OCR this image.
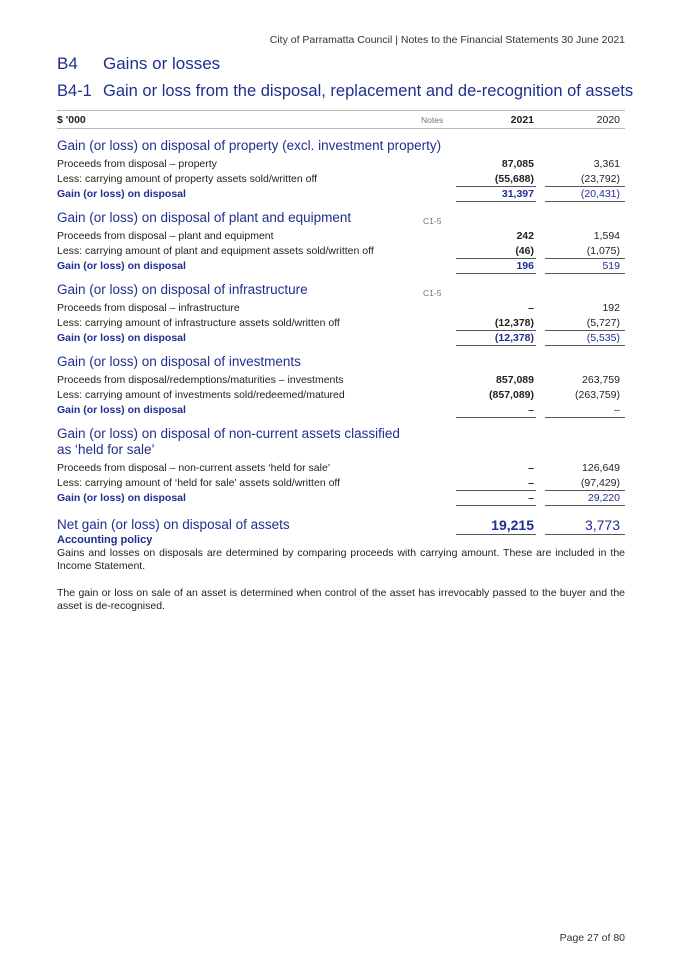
City of Parramatta Council | Notes to the Financial Statements 30 June 2021
B4 Gains or losses
B4-1 Gain or loss from the disposal, replacement and de-recognition of assets
$ '000	Notes	2021	2020
Gain (or loss) on disposal of property (excl. investment property)
Proceeds from disposal – property	87,085	3,361
Less: carrying amount of property assets sold/written off	(55,688)	(23,792)
Gain (or loss) on disposal	31,397	(20,431)
Gain (or loss) on disposal of plant and equipment	C1-5
Proceeds from disposal – plant and equipment	242	1,594
Less: carrying amount of plant and equipment assets sold/written off	(46)	(1,075)
Gain (or loss) on disposal	196	519
Gain (or loss) on disposal of infrastructure	C1-5
Proceeds from disposal – infrastructure	–	192
Less: carrying amount of infrastructure assets sold/written off	(12,378)	(5,727)
Gain (or loss) on disposal	(12,378)	(5,535)
Gain (or loss) on disposal of investments
Proceeds from disposal/redemptions/maturities – investments	857,089	263,759
Less: carrying amount of investments sold/redeemed/matured	(857,089)	(263,759)
Gain (or loss) on disposal	–	–
Gain (or loss) on disposal of non-current assets classified as ‘held for sale’
Proceeds from disposal – non-current assets ‘held for sale’	–	126,649
Less: carrying amount of ‘held for sale’ assets sold/written off	–	(97,429)
Gain (or loss) on disposal	–	29,220
Net gain (or loss) on disposal of assets	19,215	3,773
Accounting policy

Gains and losses on disposals are determined by comparing proceeds with carrying amount. These are included in the Income Statement.

The gain or loss on sale of an asset is determined when control of the asset has irrevocably passed to the buyer and the asset is de-recognised.

Page 27 of 80
